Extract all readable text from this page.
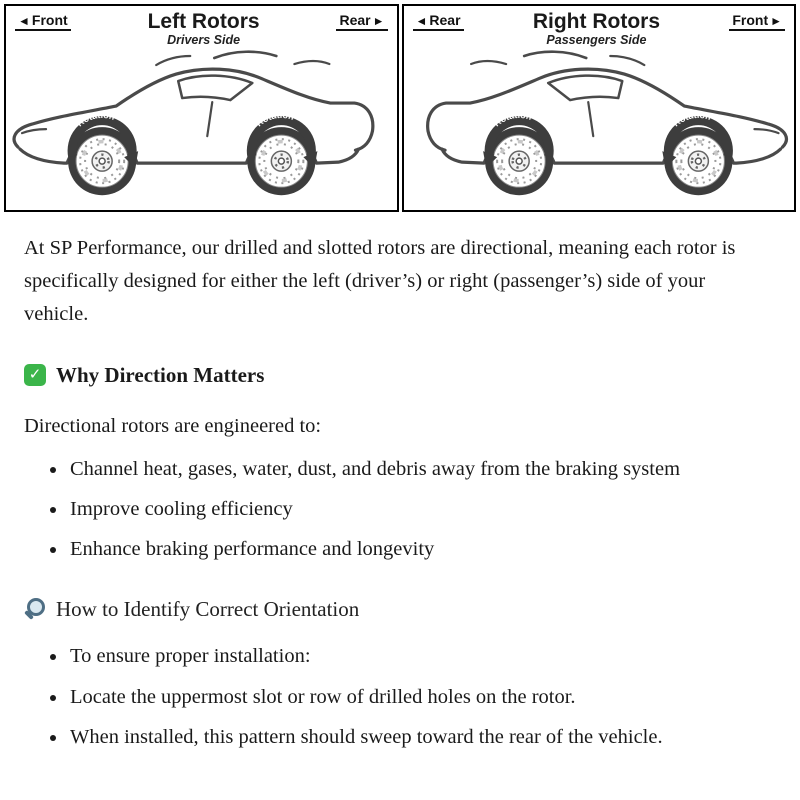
◄ Front	Left Rotors
Drivers Side
Rear ►
Rotation
Rotation
◄ Rear	Right Rotors
Passengers Side
Front ►
Rotation
Rotation

At SP Performance, our drilled and slotted rotors are directional, meaning each rotor is specifically designed for either the left (driver’s) or right (passenger’s) side of your vehicle.

✓ Why Direction Matters

Directional rotors are engineered to:

• Channel heat, gases, water, dust, and debris away from the braking system
• Improve cooling efficiency
• Enhance braking performance and longevity
How to Identify Correct Orientation
• To ensure proper installation:
• Locate the uppermost slot or row of drilled holes on the rotor.
• When installed, this pattern should sweep toward the rear of the vehicle.
